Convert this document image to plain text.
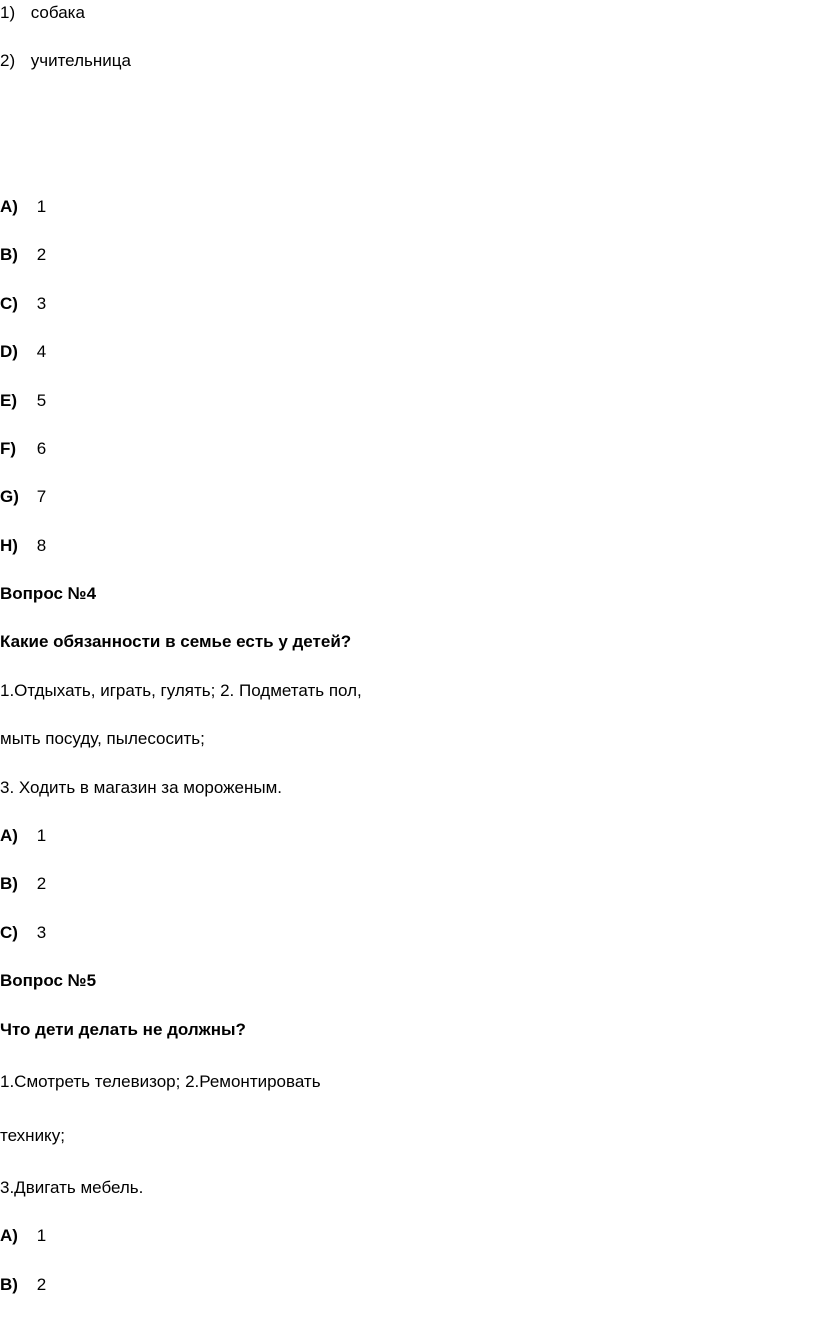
1) собака
2) учительница
A) 1
B) 2
C) 3
D) 4
E) 5
F) 6
G) 7
H) 8
Вопрос №4
Какие обязанности в семье есть у детей?
1.Отдыхать, играть, гулять; 2. Подметать пол,
мыть посуду, пылесосить;
3. Ходить в магазин за мороженым.
A) 1
B) 2
C) 3
Вопрос №5
Что дети делать не должны?
1.Смотреть телевизор; 2.Ремонтировать
технику;
3.Двигать мебель.
A) 1
B) 2
